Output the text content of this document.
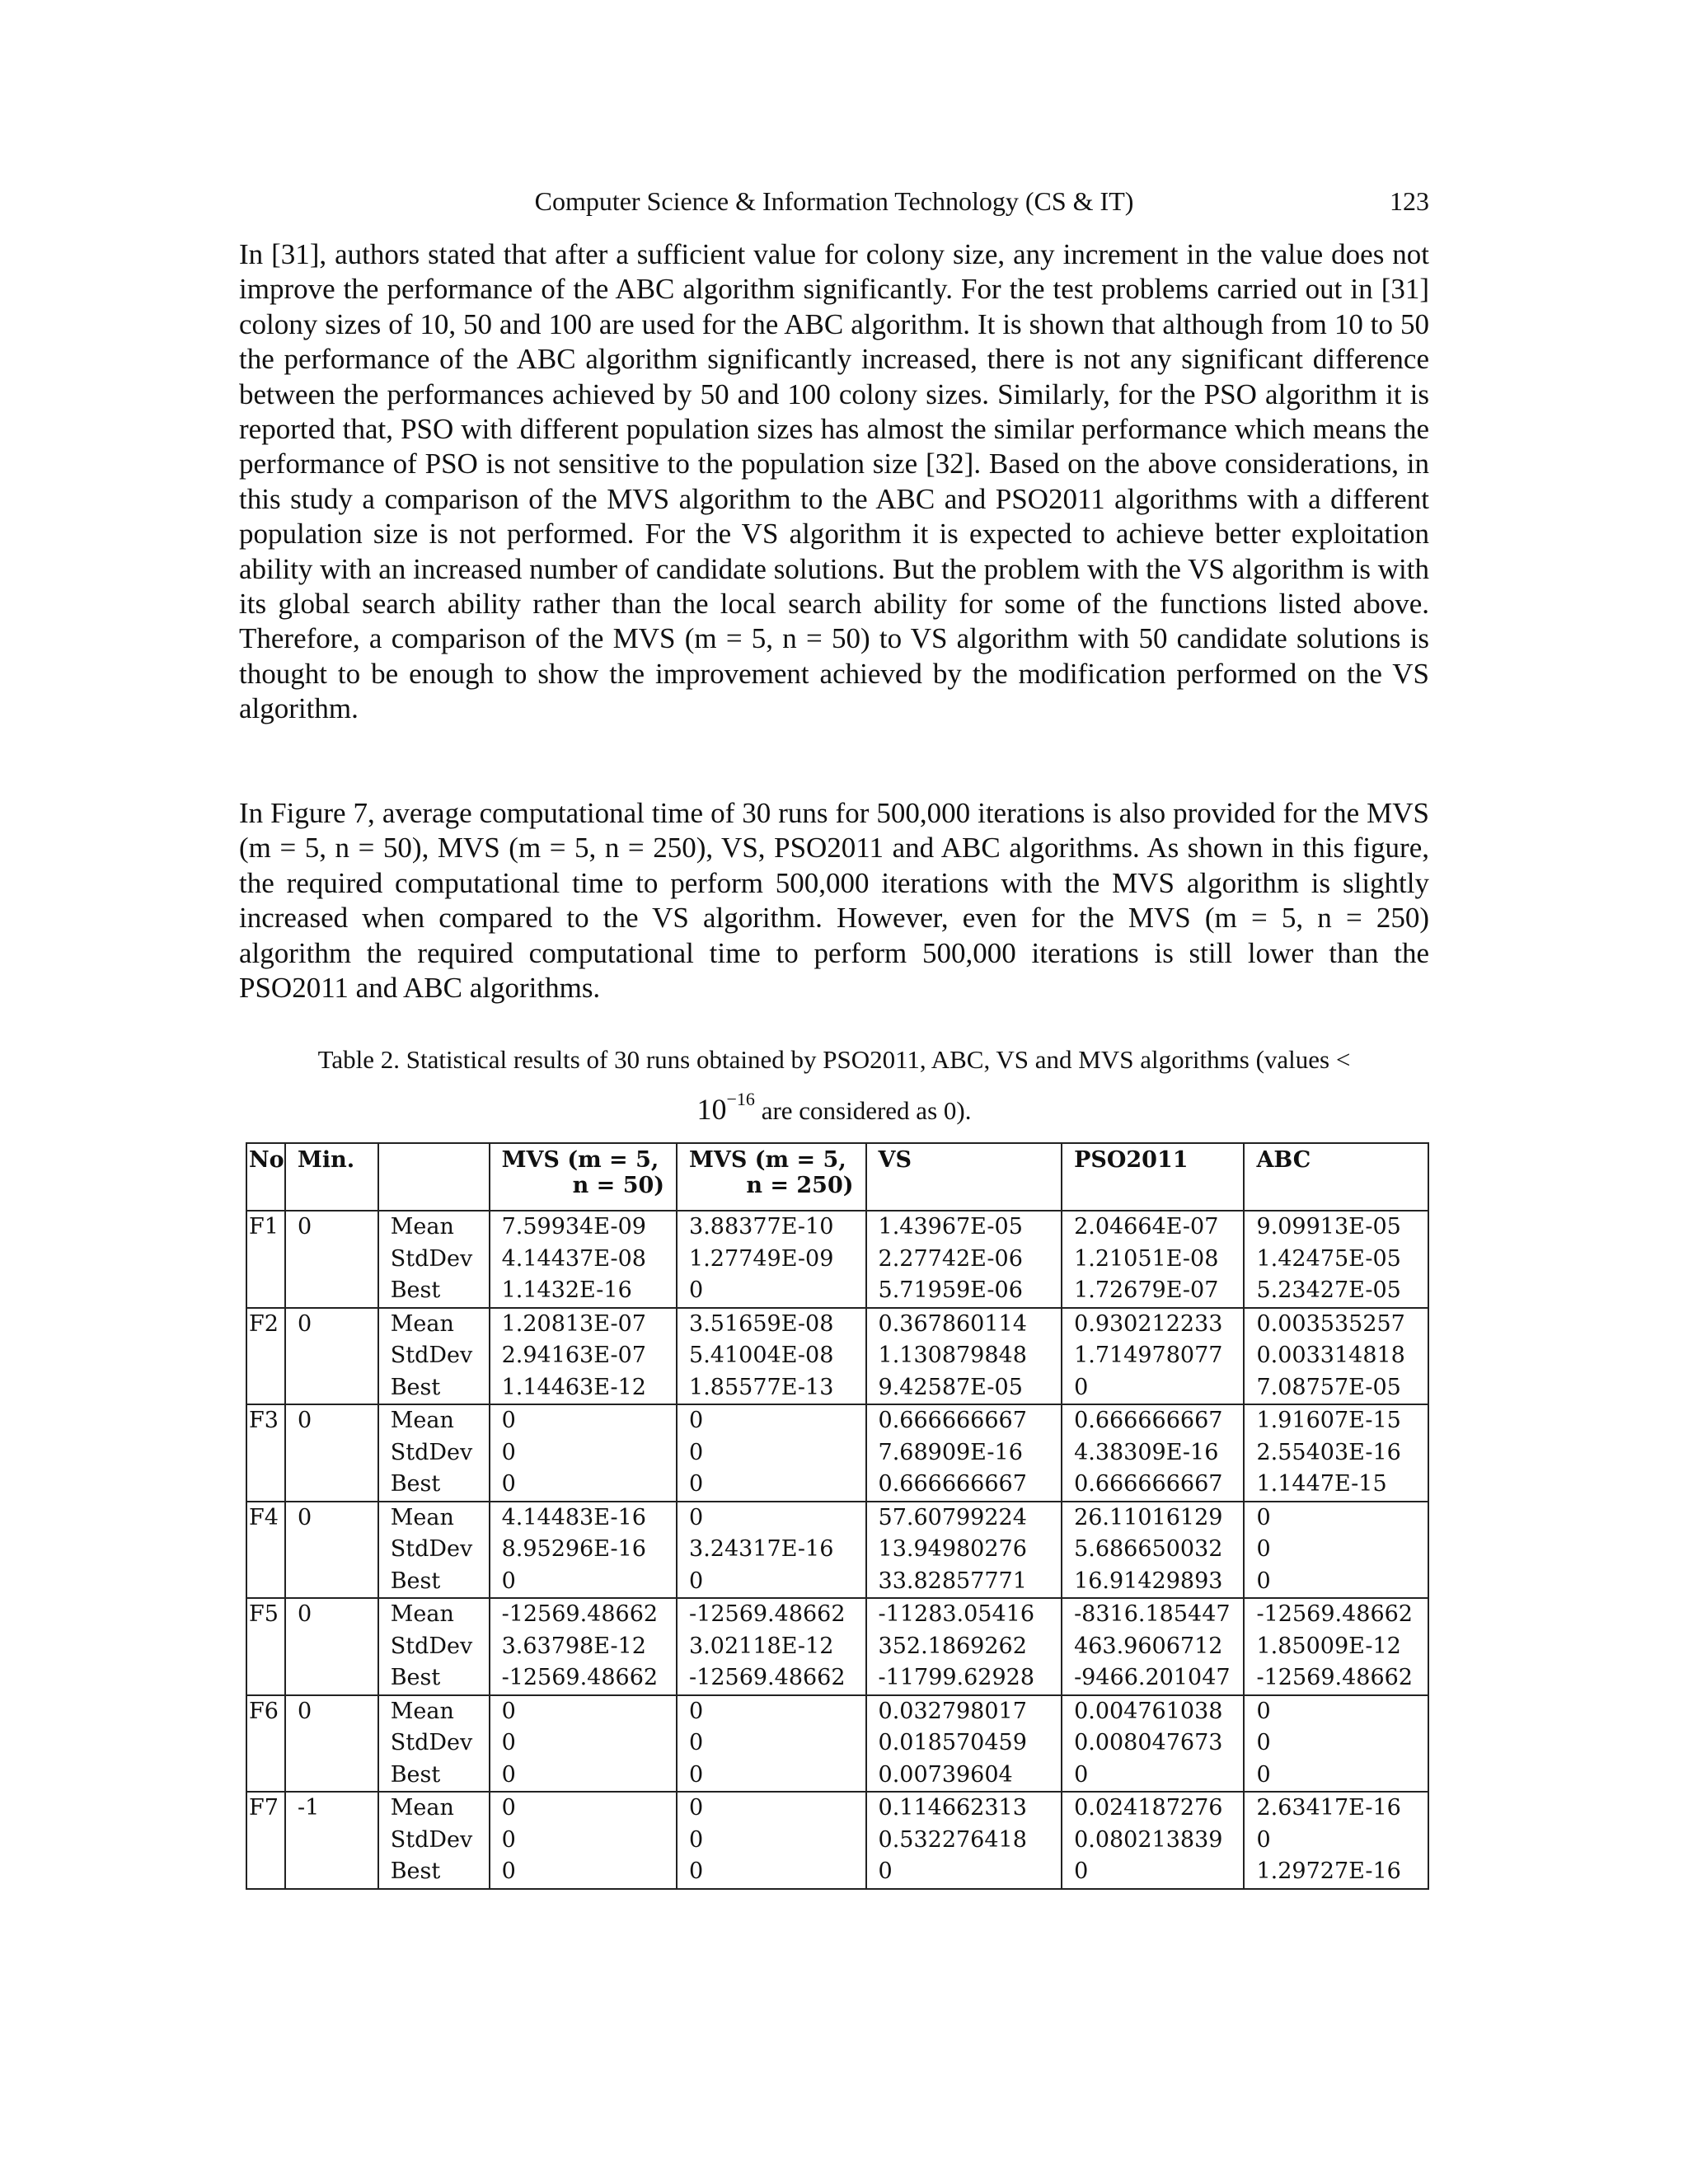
Computer Science & Information Technology (CS & IT)	123

In [31], authors stated that after a sufficient value for colony size, any increment in the value does not improve the performance of the ABC algorithm significantly. For the test problems carried out in [31] colony sizes of 10, 50 and 100 are used for the ABC algorithm. It is shown that although from 10 to 50 the performance of the ABC algorithm significantly increased, there is not any significant difference between the performances achieved by 50 and 100 colony sizes. Similarly, for the PSO algorithm it is reported that, PSO with different population sizes has almost the similar performance which means the performance of PSO is not sensitive to the population size [32]. Based on the above considerations, in this study a comparison of the MVS algorithm to the ABC and PSO2011 algorithms with a different population size is not performed. For the VS algorithm it is expected to achieve better exploitation ability with an increased number of candidate solutions. But the problem with the VS algorithm is with its global search ability rather than the local search ability for some of the functions listed above. Therefore, a comparison of the MVS (m = 5, n = 50) to VS algorithm with 50 candidate solutions is thought to be enough to show the improvement achieved by the modification performed on the VS algorithm.

In Figure 7, average computational time of 30 runs for 500,000 iterations is also provided for the MVS (m = 5, n = 50), MVS (m = 5, n = 250), VS, PSO2011 and ABC algorithms. As shown in this figure, the required computational time to perform 500,000 iterations with the MVS algorithm is slightly increased when compared to the VS algorithm. However, even for the MVS (m = 5, n = 250) algorithm the required computational time to perform 500,000 iterations is still lower than the PSO2011 and ABC algorithms.

Table 2. Statistical results of 30 runs obtained by PSO2011, ABC, VS and MVS algorithms (values <
$10^{-16}$ are considered as 0).
No	Min.		MVS (m = 5,
n = 50)	MVS (m = 5,
n = 250)	VS	PSO2011	ABC
F1	0	Mean	7.59934E-09	3.88377E-10	1.43967E-05	2.04664E-07	9.09913E-05
		StdDev	4.14437E-08	1.27749E-09	2.27742E-06	1.21051E-08	1.42475E-05
		Best	1.1432E-16	0	5.71959E-06	1.72679E-07	5.23427E-05
F2	0	Mean	1.20813E-07	3.51659E-08	0.367860114	0.930212233	0.003535257
		StdDev	2.94163E-07	5.41004E-08	1.130879848	1.714978077	0.003314818
		Best	1.14463E-12	1.85577E-13	9.42587E-05	0	7.08757E-05
F3	0	Mean	0	0	0.666666667	0.666666667	1.91607E-15
		StdDev	0	0	7.68909E-16	4.38309E-16	2.55403E-16
		Best	0	0	0.666666667	0.666666667	1.1447E-15
F4	0	Mean	4.14483E-16	0	57.60799224	26.11016129	0
		StdDev	8.95296E-16	3.24317E-16	13.94980276	5.686650032	0
		Best	0	0	33.82857771	16.91429893	0
F5	0	Mean	-12569.48662	-12569.48662	-11283.05416	-8316.185447	-12569.48662
		StdDev	3.63798E-12	3.02118E-12	352.1869262	463.9606712	1.85009E-12
		Best	-12569.48662	-12569.48662	-11799.62928	-9466.201047	-12569.48662
F6	0	Mean	0	0	0.032798017	0.004761038	0
		StdDev	0	0	0.018570459	0.008047673	0
		Best	0	0	0.00739604	0	0
F7	-1	Mean	0	0	0.114662313	0.024187276	2.63417E-16
		StdDev	0	0	0.532276418	0.080213839	0
		Best	0	0	0	0	1.29727E-16
